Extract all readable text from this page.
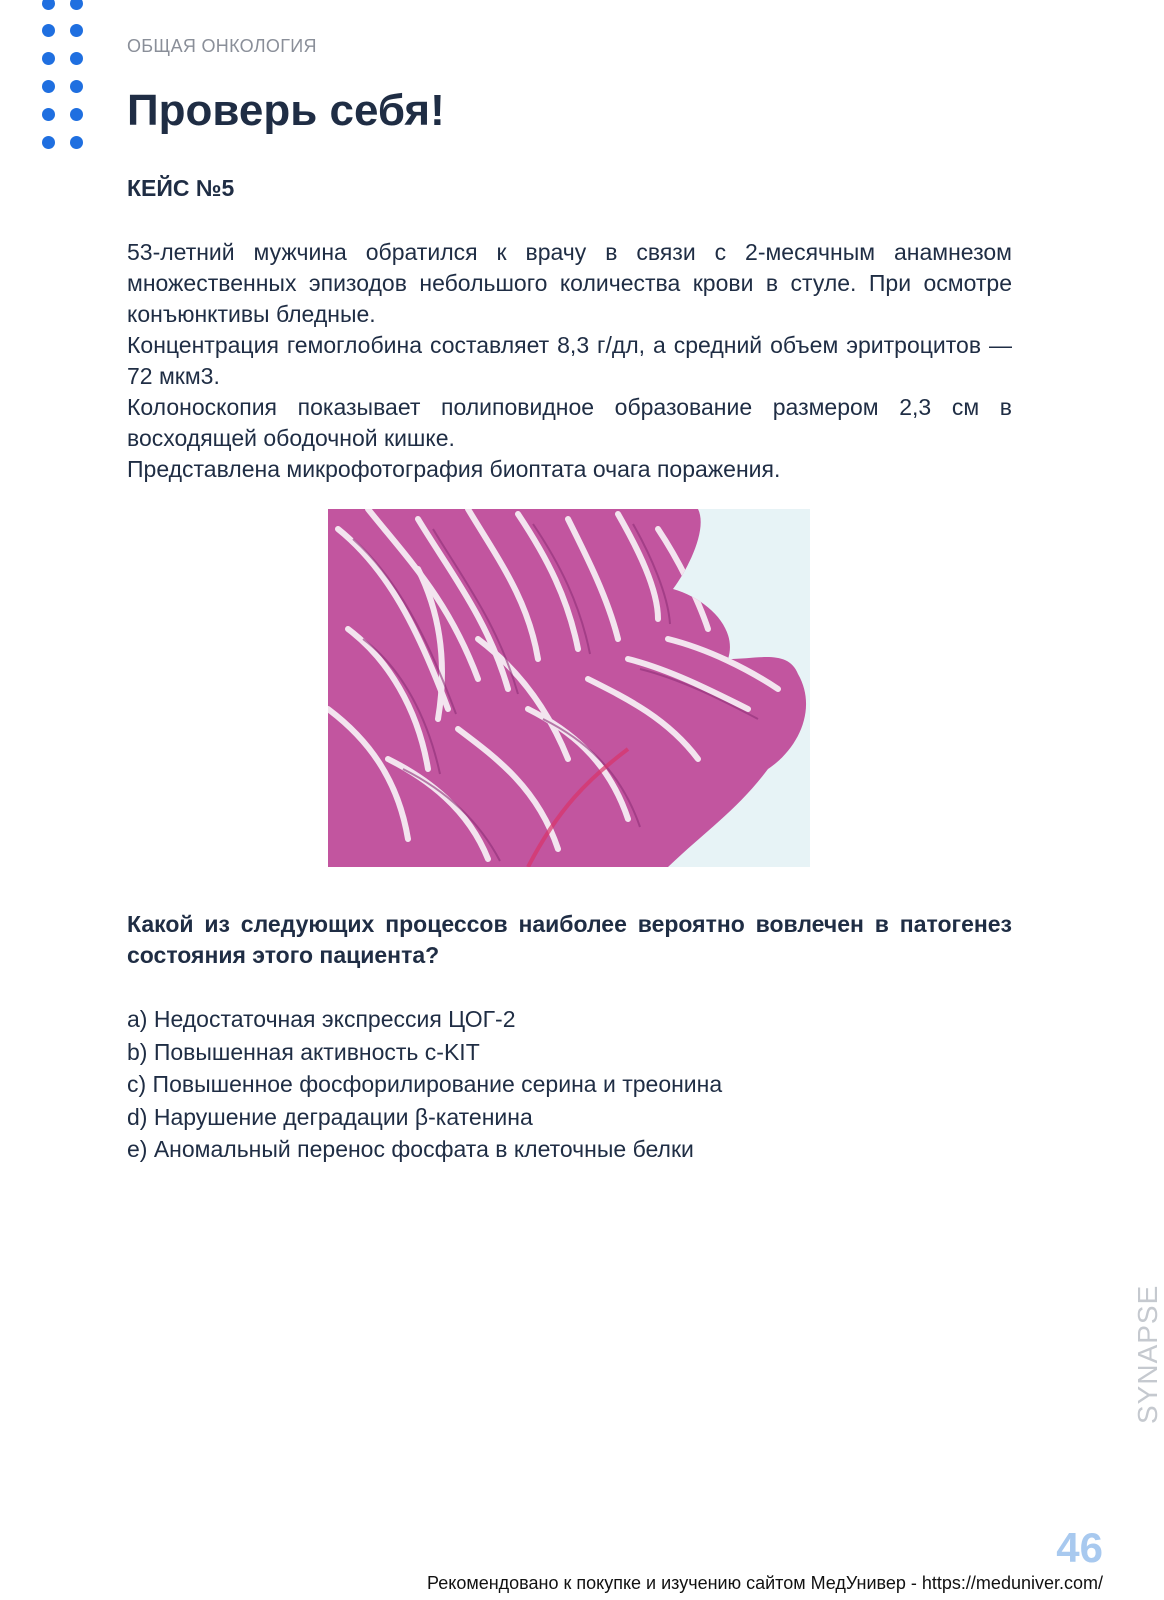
ОБЩАЯ ОНКОЛОГИЯ
Проверь себя!
КЕЙС №5

53-летний мужчина обратился к врачу в связи с 2-месячным анамнезом множественных эпизодов небольшого количества крови в стуле. При осмотре конъюнктивы бледные.

Концентрация гемоглобина составляет 8,3 г/дл, а средний объем эритроцитов — 72 мкм3.

Колоноскопия показывает полиповидное образование размером 2,3 см в восходящей ободочной кишке.

Представлена микрофотография биоптата очага поражения.

Какой из следующих процессов наиболее вероятно вовлечен в патогенез состояния этого пациента?
a) Недостаточная экспрессия ЦОГ-2
b) Повышенная активность c-KIT
c) Повышенное фосфорилирование серина и треонина
d) Нарушение деградации β-катенина
e) Аномальный перенос фосфата в клеточные белки
SYNAPSE
46
Рекомендовано к покупке и изучению сайтом МедУнивер - https://meduniver.com/
